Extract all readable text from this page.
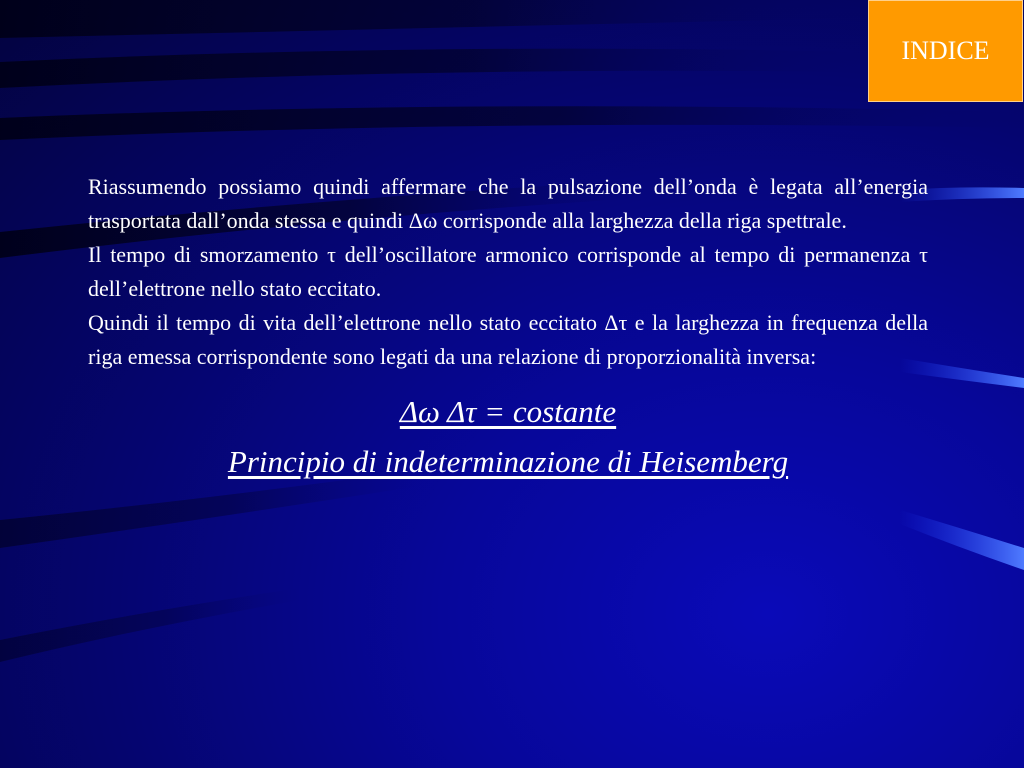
INDICE

Riassumendo possiamo quindi affermare che la pulsazione dell’onda è legata all’energia trasportata dall’onda stessa e quindi Δω corrisponde alla larghezza della riga spettrale.

Il tempo di smorzamento τ dell’oscillatore armonico corrisponde al tempo di permanenza τ dell’elettrone nello stato eccitato.

Quindi il tempo di vita dell’elettrone nello stato eccitato Δτ e la larghezza in frequenza della riga emessa corrispondente sono legati da una relazione di proporzionalità inversa:

Δω Δτ = costante
Principio di indeterminazione di Heisemberg
